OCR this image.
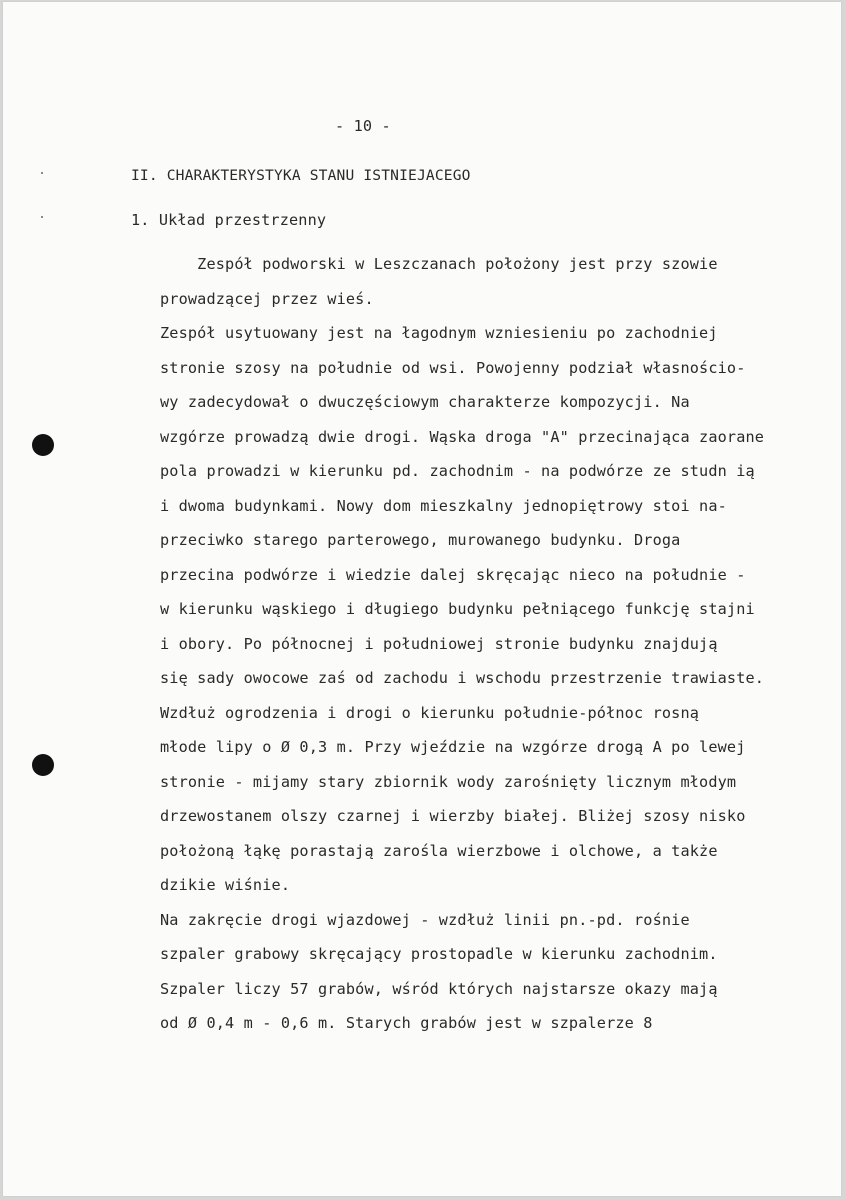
- 10 -
II. CHARAKTERYSTYKA STANU ISTNIEJACEGO
1. Układ przestrzenny
Zespół podworski w Leszczanach położony jest przy szowie
prowadzącej przez wieś.
Zespół usytuowany jest na łagodnym wzniesieniu po zachodniej
stronie szosy na południe od wsi. Powojenny podział własnościo-
wy zadecydował o dwuczęściowym charakterze kompozycji. Na
wzgórze prowadzą dwie drogi. Wąska droga "A" przecinająca zaorane
pola prowadzi w kierunku pd. zachodnim - na podwórze ze studn ią
i dwoma budynkami. Nowy dom mieszkalny jednopiętrowy stoi na-
przeciwko starego parterowego, murowanego budynku. Droga
przecina podwórze i wiedzie dalej skręcając nieco na południe -
w kierunku wąskiego i długiego budynku pełniącego funkcję stajni
i obory. Po północnej i południowej stronie budynku znajdują
się sady owocowe zaś od zachodu i wschodu przestrzenie trawiaste.
Wzdłuż ogrodzenia i drogi o kierunku południe-północ rosną
młode lipy o Ø 0,3 m. Przy wjeździe na wzgórze drogą A po lewej
stronie - mijamy stary zbiornik wody zarośnięty licznym młodym
drzewostanem olszy czarnej i wierzby białej. Bliżej szosy nisko
położoną łąkę porastają zarośla wierzbowe i olchowe, a także
dzikie wiśnie.
Na zakręcie drogi wjazdowej - wzdłuż linii pn.-pd. rośnie
szpaler grabowy skręcający prostopadle w kierunku zachodnim.
Szpaler liczy 57 grabów, wśród których najstarsze okazy mają
od Ø 0,4 m - 0,6 m. Starych grabów jest w szpalerze 8
